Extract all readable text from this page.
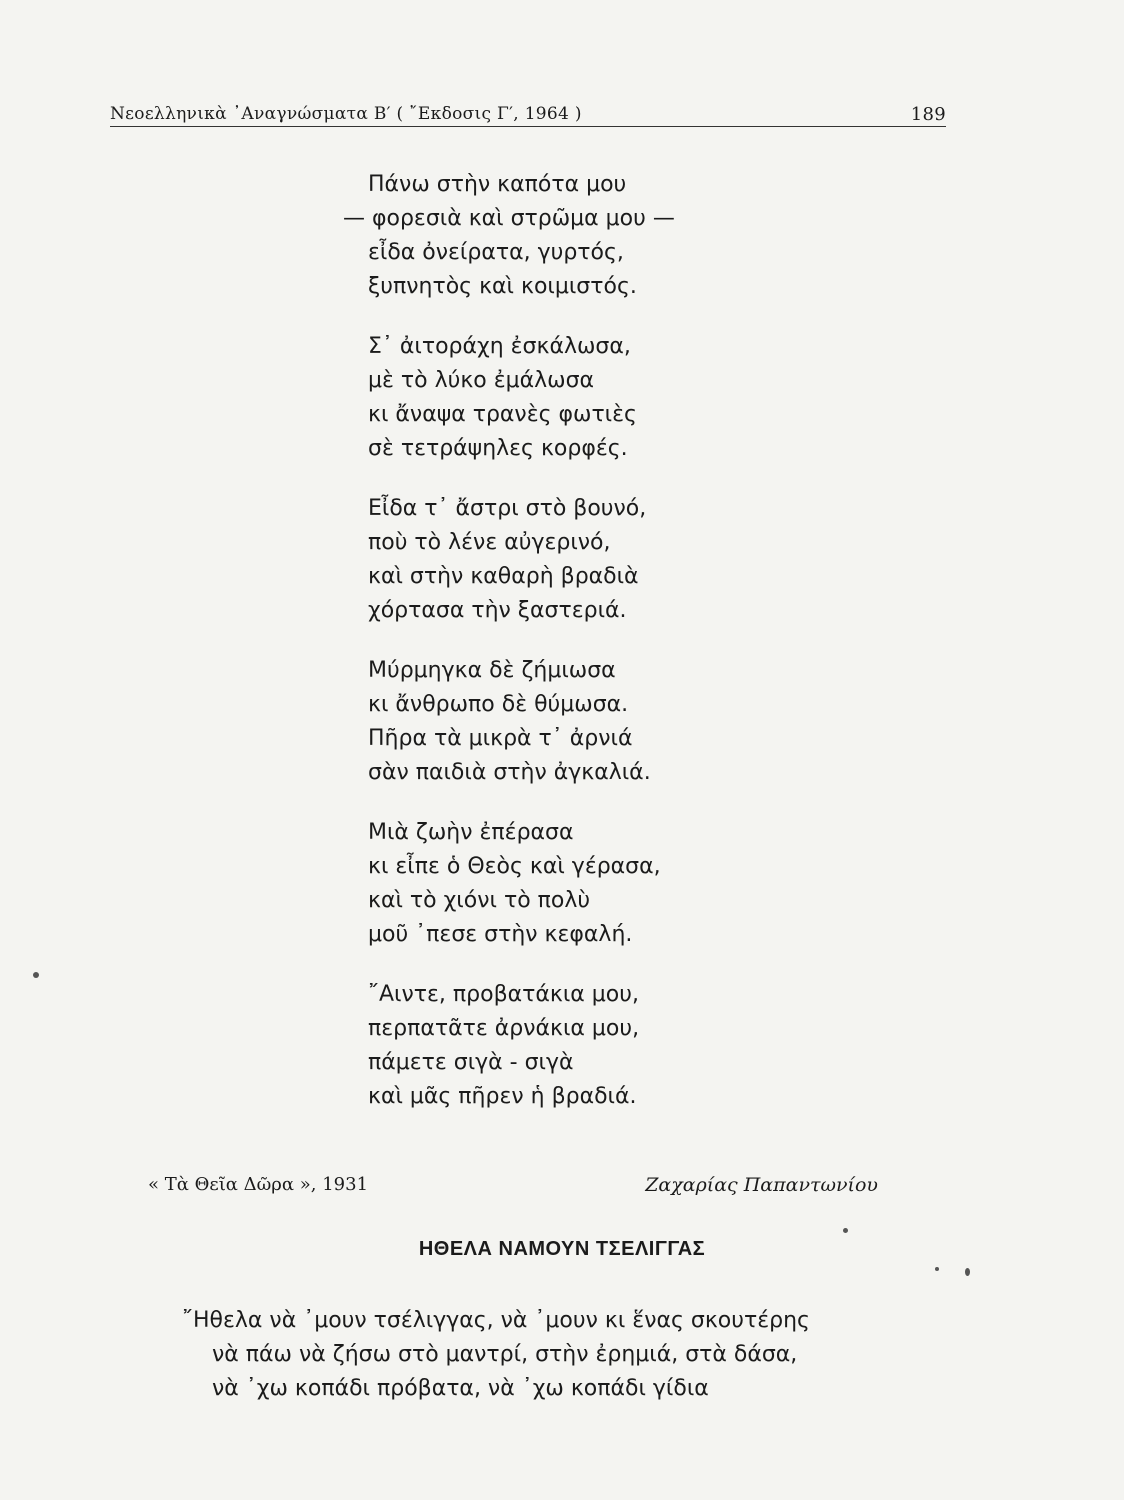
Νεοελληνικὰ ᾿Αναγνώσματα Β′ ( ῎Εκδοσις Γ′, 1964 )	189
Πάνω στὴν καπότα μου
— φορεσιὰ καὶ στρῶμα μου —
εἶδα ὀνείρατα, γυρτός,
ξυπνητὸς καὶ κοιμιστός.
Σ᾿ ἀιτοράχη ἐσκάλωσα,
μὲ τὸ λύκο ἐμάλωσα
κι ἄναψα τρανὲς φωτιὲς
σὲ τετράψηλες κορφές.
Εἶδα τ᾿ ἄστρι στὸ βουνό,
ποὺ τὸ λένε αὐγερινό,
καὶ στὴν καθαρὴ βραδιὰ
χόρτασα τὴν ξαστεριά.
Μύρμηγκα δὲ ζήμιωσα
κι ἄνθρωπο δὲ θύμωσα.
Πῆρα τὰ μικρὰ τ᾿ ἀρνιά
σὰν παιδιὰ στὴν ἀγκαλιά.
Μιὰ ζωὴν ἐπέρασα
κι εἶπε ὁ Θεὸς καὶ γέρασα,
καὶ τὸ χιόνι τὸ πολὺ
μοῦ ᾿πεσε στὴν κεφαλή.
῎Αιντε, προβατάκια μου,
περπατᾶτε ἀρνάκια μου,
πάμετε σιγὰ - σιγὰ
καὶ μᾶς πῆρεν ἡ βραδιά.
« Τὰ Θεῖα Δῶρα », 1931	Ζαχαρίας Παπαντωνίου
ΗΘΕΛΑ ΝΑΜΟΥΝ ΤΣΕΛΙΓΓΑΣ
῎Ηθελα νὰ ᾿μουν τσέλιγγας, νὰ ᾿μουν κι ἕνας σκουτέρης
νὰ πάω νὰ ζήσω στὸ μαντρί, στὴν ἐρημιά, στὰ δάσα,
νὰ ᾿χω κοπάδι πρόβατα, νὰ ᾿χω κοπάδι γίδια
